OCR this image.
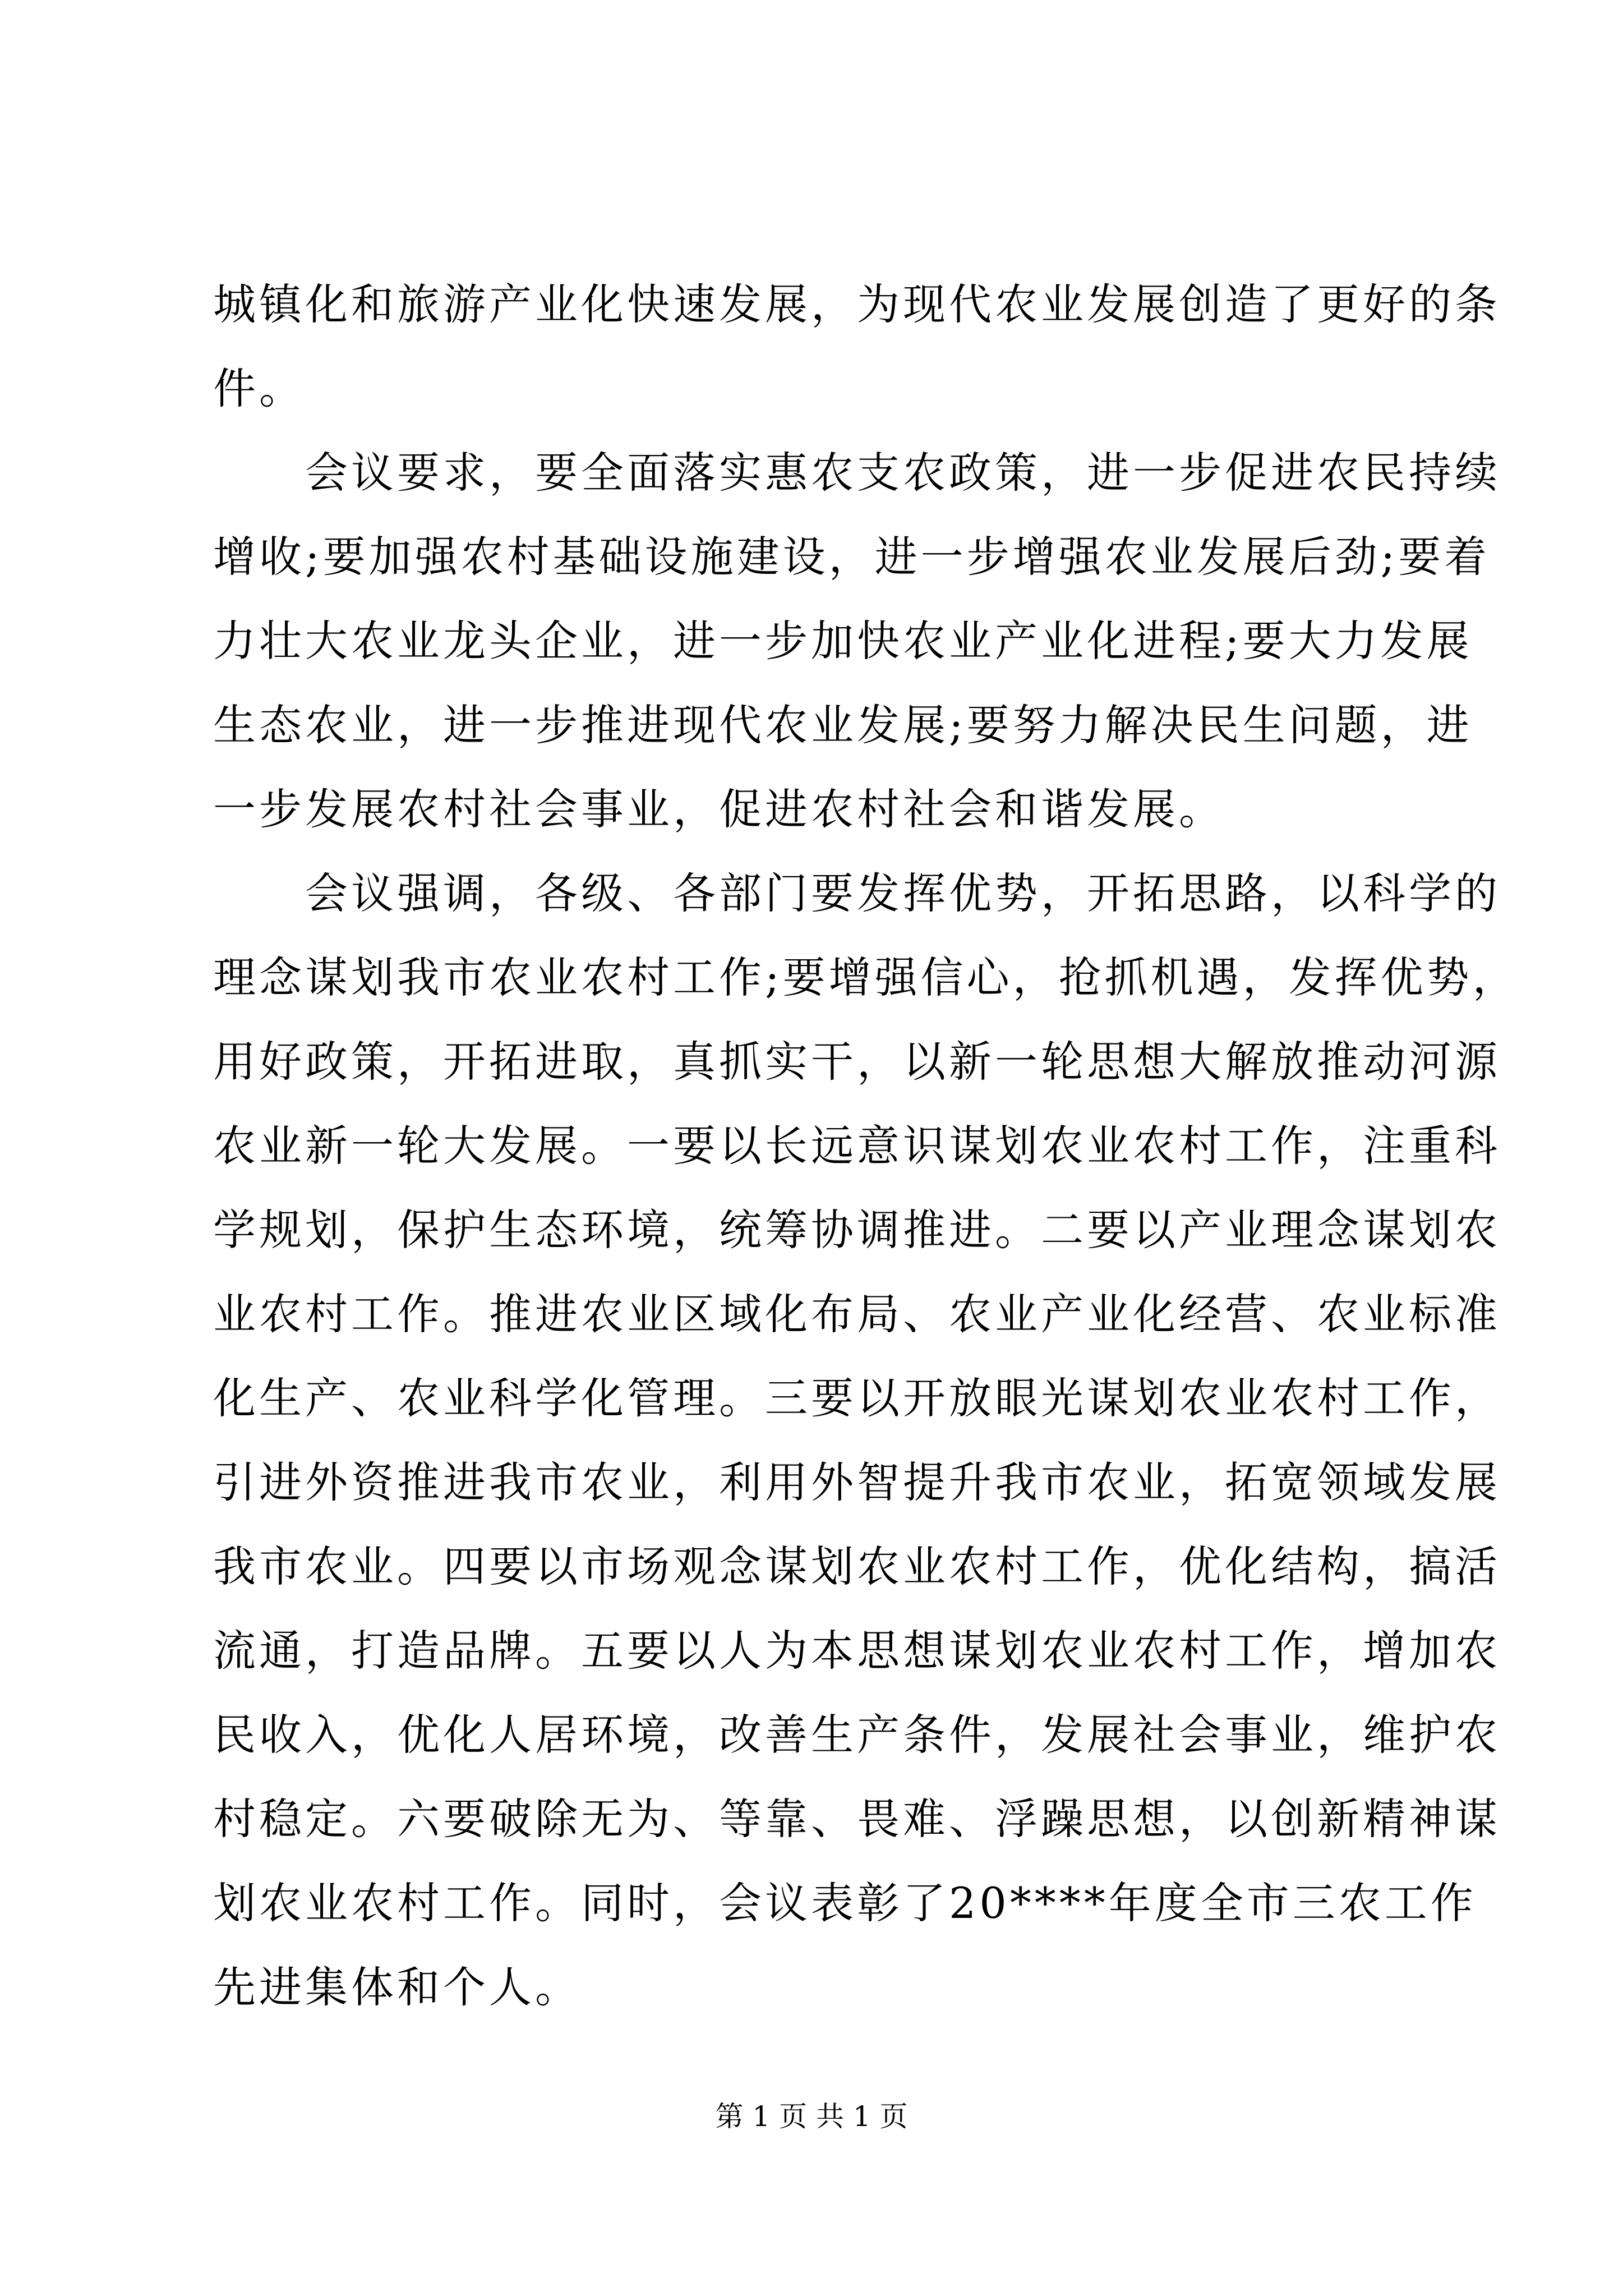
城镇化和旅游产业化快速发展，为现代农业发展创造了更好的条
件。
会议要求，要全面落实惠农支农政策，进一步促进农民持续
增收;要加强农村基础设施建设，进一步增强农业发展后劲;要着
力壮大农业龙头企业，进一步加快农业产业化进程;要大力发展
生态农业，进一步推进现代农业发展;要努力解决民生问题，进
一步发展农村社会事业，促进农村社会和谐发展。
会议强调，各级、各部门要发挥优势，开拓思路，以科学的
理念谋划我市农业农村工作;要增强信心，抢抓机遇，发挥优势，
用好政策，开拓进取，真抓实干，以新一轮思想大解放推动河源
农业新一轮大发展。一要以长远意识谋划农业农村工作，注重科
学规划，保护生态环境，统筹协调推进。二要以产业理念谋划农
业农村工作。推进农业区域化布局、农业产业化经营、农业标准
化生产、农业科学化管理。三要以开放眼光谋划农业农村工作，
引进外资推进我市农业，利用外智提升我市农业，拓宽领域发展
我市农业。四要以市场观念谋划农业农村工作，优化结构，搞活
流通，打造品牌。五要以人为本思想谋划农业农村工作，增加农
民收入，优化人居环境，改善生产条件，发展社会事业，维护农
村稳定。六要破除无为、等靠、畏难、浮躁思想，以创新精神谋
划农业农村工作。同时，会议表彰了20****年度全市三农工作
先进集体和个人。
第 1 页 共 1 页
